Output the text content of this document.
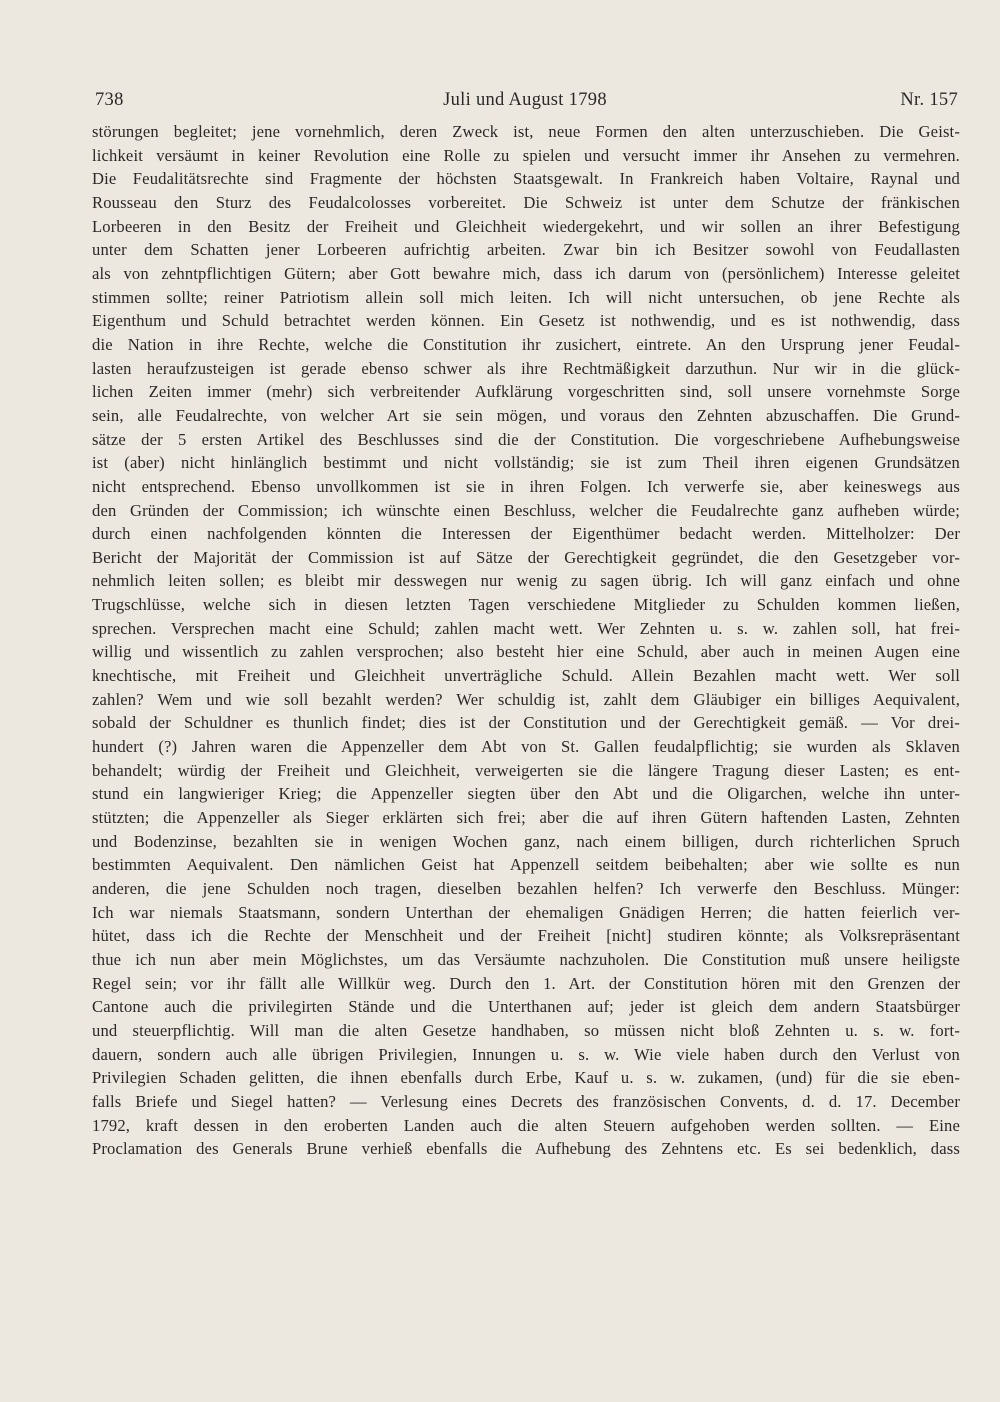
Juli und August 1798
738	Nr. 157
störungen begleitet; jene vornehmlich, deren Zweck ist, neue Formen den alten unterzuschieben. Die Geist-
lichkeit versäumt in keiner Revolution eine Rolle zu spielen und versucht immer ihr Ansehen zu vermehren.
Die Feudalitätsrechte sind Fragmente der höchsten Staatsgewalt. In Frankreich haben Voltaire, Raynal und
Rousseau den Sturz des Feudalcolosses vorbereitet. Die Schweiz ist unter dem Schutze der fränkischen
Lorbeeren in den Besitz der Freiheit und Gleichheit wiedergekehrt, und wir sollen an ihrer Befestigung
unter dem Schatten jener Lorbeeren aufrichtig arbeiten. Zwar bin ich Besitzer sowohl von Feudallasten
als von zehntpflichtigen Gütern; aber Gott bewahre mich, dass ich darum von (persönlichem) Interesse geleitet
stimmen sollte; reiner Patriotism allein soll mich leiten. Ich will nicht untersuchen, ob jene Rechte als
Eigenthum und Schuld betrachtet werden können. Ein Gesetz ist nothwendig, und es ist nothwendig, dass
die Nation in ihre Rechte, welche die Constitution ihr zusichert, eintrete. An den Ursprung jener Feudal-
lasten heraufzusteigen ist gerade ebenso schwer als ihre Rechtmäßigkeit darzuthun. Nur wir in die glück-
lichen Zeiten immer (mehr) sich verbreitender Aufklärung vorgeschritten sind, soll unsere vornehmste Sorge
sein, alle Feudalrechte, von welcher Art sie sein mögen, und voraus den Zehnten abzuschaffen. Die Grund-
sätze der 5 ersten Artikel des Beschlusses sind die der Constitution. Die vorgeschriebene Aufhebungsweise
ist (aber) nicht hinlänglich bestimmt und nicht vollständig; sie ist zum Theil ihren eigenen Grundsätzen
nicht entsprechend. Ebenso unvollkommen ist sie in ihren Folgen. Ich verwerfe sie, aber keineswegs aus
den Gründen der Commission; ich wünschte einen Beschluss, welcher die Feudalrechte ganz aufheben würde;
durch einen nachfolgenden könnten die Interessen der Eigenthümer bedacht werden. Mittelholzer: Der
Bericht der Majorität der Commission ist auf Sätze der Gerechtigkeit gegründet, die den Gesetzgeber vor-
nehmlich leiten sollen; es bleibt mir desswegen nur wenig zu sagen übrig. Ich will ganz einfach und ohne
Trugschlüsse, welche sich in diesen letzten Tagen verschiedene Mitglieder zu Schulden kommen ließen,
sprechen. Versprechen macht eine Schuld; zahlen macht wett. Wer Zehnten u. s. w. zahlen soll, hat frei-
willig und wissentlich zu zahlen versprochen; also besteht hier eine Schuld, aber auch in meinen Augen eine
knechtische, mit Freiheit und Gleichheit unverträgliche Schuld. Allein Bezahlen macht wett. Wer soll
zahlen? Wem und wie soll bezahlt werden? Wer schuldig ist, zahlt dem Gläubiger ein billiges Aequivalent,
sobald der Schuldner es thunlich findet; dies ist der Constitution und der Gerechtigkeit gemäß. — Vor drei-
hundert (?) Jahren waren die Appenzeller dem Abt von St. Gallen feudalpflichtig; sie wurden als Sklaven
behandelt; würdig der Freiheit und Gleichheit, verweigerten sie die längere Tragung dieser Lasten; es ent-
stund ein langwieriger Krieg; die Appenzeller siegten über den Abt und die Oligarchen, welche ihn unter-
stützten; die Appenzeller als Sieger erklärten sich frei; aber die auf ihren Gütern haftenden Lasten, Zehnten
und Bodenzinse, bezahlten sie in wenigen Wochen ganz, nach einem billigen, durch richterlichen Spruch
bestimmten Aequivalent. Den nämlichen Geist hat Appenzell seitdem beibehalten; aber wie sollte es nun
anderen, die jene Schulden noch tragen, dieselben bezahlen helfen? Ich verwerfe den Beschluss. Münger:
Ich war niemals Staatsmann, sondern Unterthan der ehemaligen Gnädigen Herren; die hatten feierlich ver-
hütet, dass ich die Rechte der Menschheit und der Freiheit [nicht] studiren könnte; als Volksrepräsentant
thue ich nun aber mein Möglichstes, um das Versäumte nachzuholen. Die Constitution muß unsere heiligste
Regel sein; vor ihr fällt alle Willkür weg. Durch den 1. Art. der Constitution hören mit den Grenzen der
Cantone auch die privilegirten Stände und die Unterthanen auf; jeder ist gleich dem andern Staatsbürger
und steuerpflichtig. Will man die alten Gesetze handhaben, so müssen nicht bloß Zehnten u. s. w. fort-
dauern, sondern auch alle übrigen Privilegien, Innungen u. s. w. Wie viele haben durch den Verlust von
Privilegien Schaden gelitten, die ihnen ebenfalls durch Erbe, Kauf u. s. w. zukamen, (und) für die sie eben-
falls Briefe und Siegel hatten? — Verlesung eines Decrets des französischen Convents, d. d. 17. December
1792, kraft dessen in den eroberten Landen auch die alten Steuern aufgehoben werden sollten. — Eine
Proclamation des Generals Brune verhieß ebenfalls die Aufhebung des Zehntens etc. Es sei bedenklich, dass
